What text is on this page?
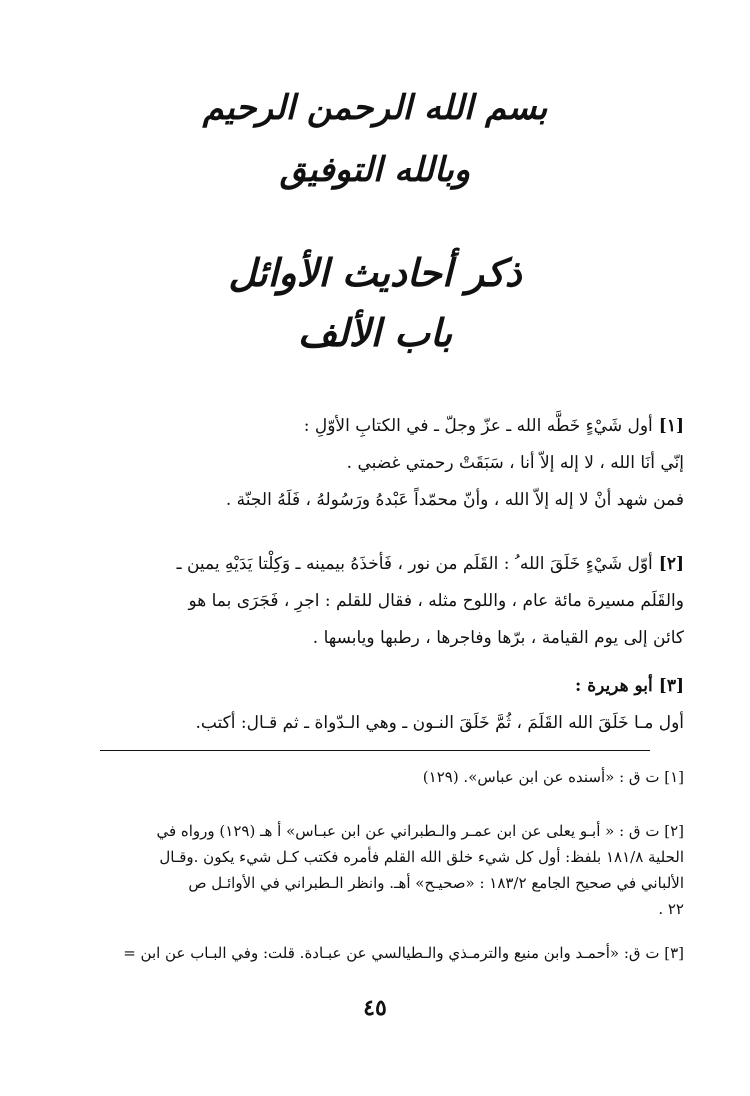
بسم الله الرحمن الرحيم
وبالله التوفيق
ذكر أحاديث الأوائل
باب الألف
[١]أول شَيْءٍ خَطَّه الله ـ عزّ وجلّ ـ في الكتابِ الأوّلِ :
إنّي أنَا الله ، لا إله إلاّ أنا ، سَبَقَتْ رحمتي غضبي .
فمن شهد أنْ لا إله إلاّ الله ، وأنّ محمّداً عَبْدهُ ورَسُولهُ ، فَلَهُ الجنّة .
[٢]أوّل شَيْءٍ خَلَقَ الله ُ : القَلَم من نور ، فَأخذَهُ بيمينه ـ وَكِلْتا يَدَيْهِ يمين ـ
والقَلَم مسيرة مائة عام ، واللوح مثله ، فقال للقلم : اجرِ ، فَجَرَى بما هو
كائن إلى يوم القيامة ، برّها وفاجرها ، رطبها ويابسها .
[٣]أبو هريرة :
أول مـا خَلَقَ الله القَلَمَ ، ثُمَّ خَلَقَ النـون ـ وهي الـدّواة ـ ثم قـال: أكتب.
[١] ت ق : «أسنده عن ابن عباس». (١٢٩)
[٢] ت ق : « أبـو يعلى عن ابن عمـر والـطبراني عن ابن عبـاس» أ هـ (١٢٩) ورواه في
الحلية ١٨١/٨ بلفظ: أول كل شيء خلق الله القلم فأمره فكتب كـل شيء يكون .وقـال
الألباني في صحيح الجامع ١٨٣/٢ : «صحيـح» أهـ. وانظر الـطبراني في الأوائـل ص
٢٢ .
[٣] ت ق: «أحمـد وابن منيع والترمـذي والـطيالسي عن عبـادة. قلت: وفي البـاب عن ابن =
٤٥
